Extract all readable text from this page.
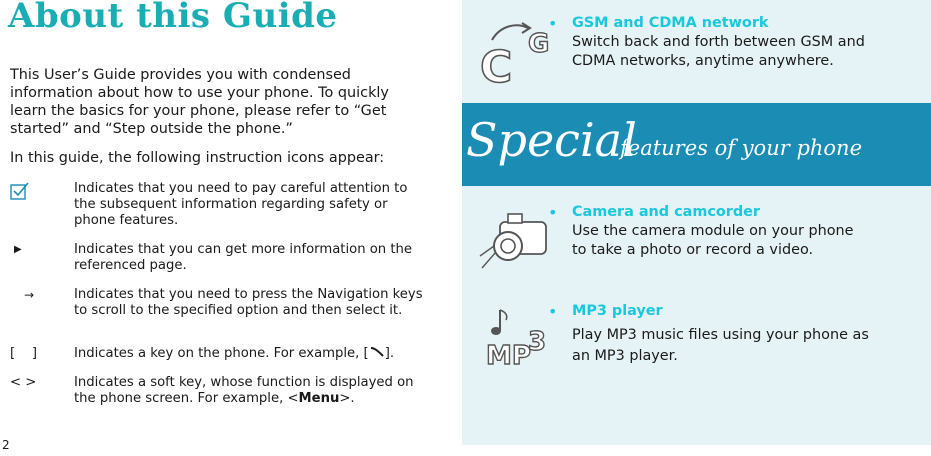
About this Guide

This User’s Guide provides you with condensed information about how to use your phone. To quickly learn the basics for your phone, please refer to “Get started” and “Step outside the phone.”

In this guide, the following instruction icons appear:

Indicates that you need to pay careful attention to the subsequent information regarding safety or phone features.
▶	Indicates that you can get more information on the referenced page.
→	Indicates that you need to press the Navigation keys to scroll to the specified option and then select it.
[    ]	Indicates a key on the phone. For example, [ ].
< >	Indicates a soft key, whose function is displayed on the phone screen. For example, <Menu>.
2
C G
• GSM and CDMA network
Switch back and forth between GSM and CDMA networks, anytime anywhere.
Special
features of your phone
• Camera and camcorder
Use the camera module on your phone to take a photo or record a video.
MP
3
• MP3 player
Play MP3 music files using your phone as an MP3 player.
